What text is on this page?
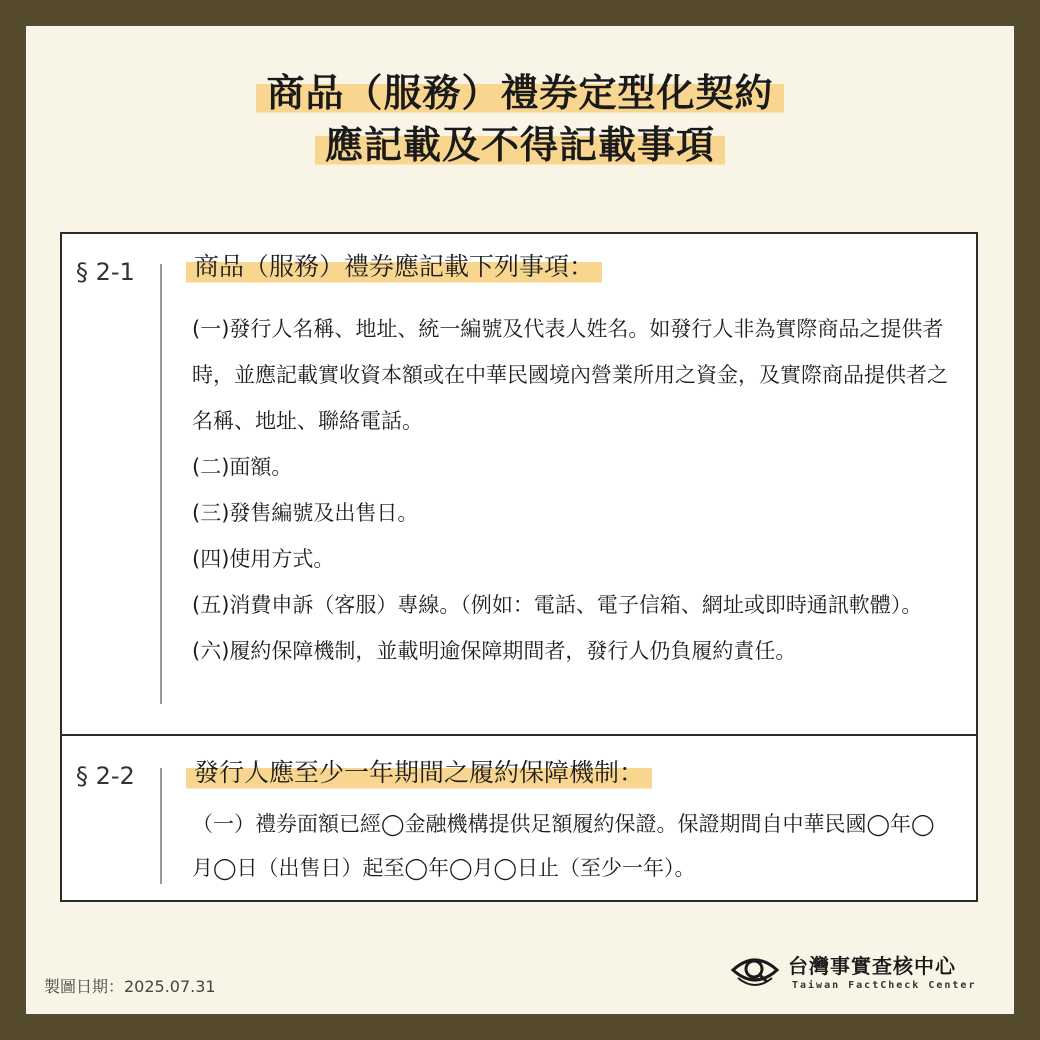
商品（服務）禮券定型化契約
應記載及不得記載事項
§ 2-1	商品（服務）禮券應記載下列事項：

(一)發行人名稱、地址、統一編號及代表人姓名。如發行人非為實際商品之提供者時，並應記載實收資本額或在中華民國境內營業所用之資金，及實際商品提供者之名稱、地址、聯絡電話。

(二)面額。

(三)發售編號及出售日。

(四)使用方式。

(五)消費申訴（客服）專線。（例如：電話、電子信箱、網址或即時通訊軟體）。

(六)履約保障機制，並載明逾保障期間者，發行人仍負履約責任。

§ 2-2	發行人應至少一年期間之履約保障機制：

（一）禮券面額已經◯金融機構提供足額履約保證。保證期間自中華民國◯年◯月◯日（出售日）起至◯年◯月◯日止（至少一年）。

製圖日期：2025.07.31
台灣事實查核中心
Taiwan FactCheck Center
